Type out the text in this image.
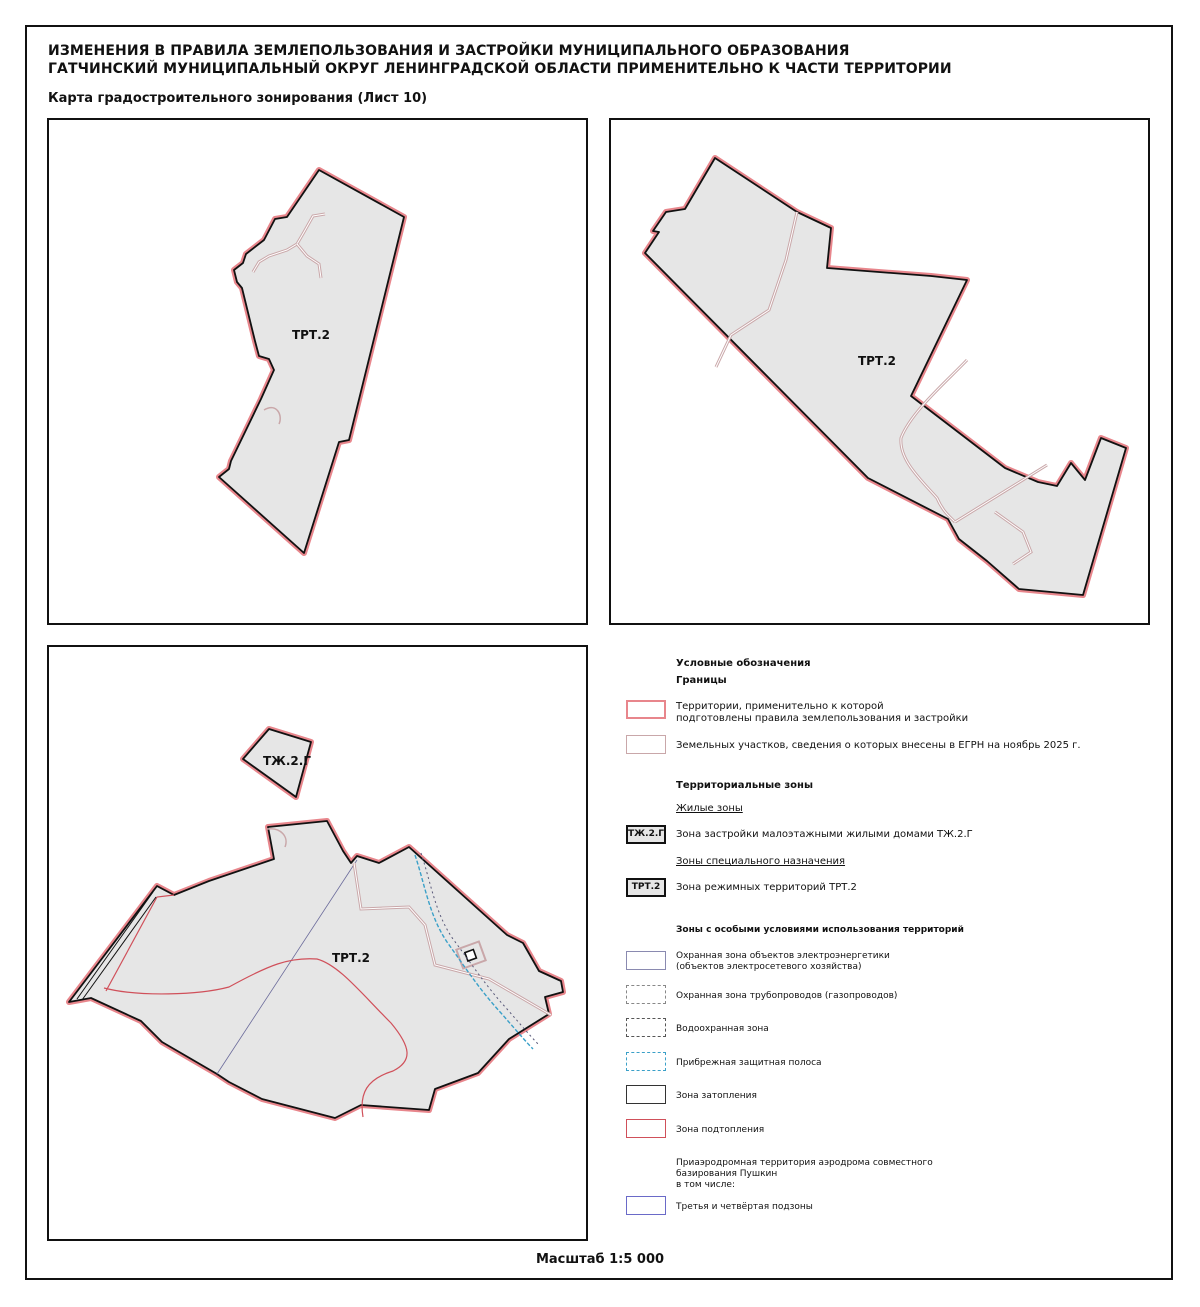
ИЗМЕНЕНИЯ В ПРАВИЛА ЗЕМЛЕПОЛЬЗОВАНИЯ И ЗАСТРОЙКИ МУНИЦИПАЛЬНОГО ОБРАЗОВАНИЯ
ГАТЧИНСКИЙ МУНИЦИПАЛЬНЫЙ ОКРУГ ЛЕНИНГРАДСКОЙ ОБЛАСТИ ПРИМЕНИТЕЛЬНО К ЧАСТИ ТЕРРИТОРИИ
Карта градостроительного зонирования (Лист 10)
ТРТ.2
ТРТ.2
ТЖ.2.Г
ТРТ.2
Условные обозначения
Границы
Территории, применительно к которой
подготовлены правила землепользования и застройки
Земельных участков, сведения о которых внесены в ЕГРН на ноябрь 2025 г.
Территориальные зоны
Жилые зоны
ТЖ.2.Г Зона застройки малоэтажными жилыми домами ТЖ.2.Г
Зоны специального назначения
ТРТ.2	Зона режимных территорий ТРТ.2
Зоны с особыми условиями использования территорий
Охранная зона объектов электроэнергетики
(объектов электросетевого хозяйства)
Охранная зона трубопроводов (газопроводов)
Водоохранная зона
Прибрежная защитная полоса
Зона затопления
Зона подтопления
Приаэродромная территория аэродрома совместного
базирования Пушкин
в том числе:
Третья и четвёртая подзоны
Масштаб 1:5 000
